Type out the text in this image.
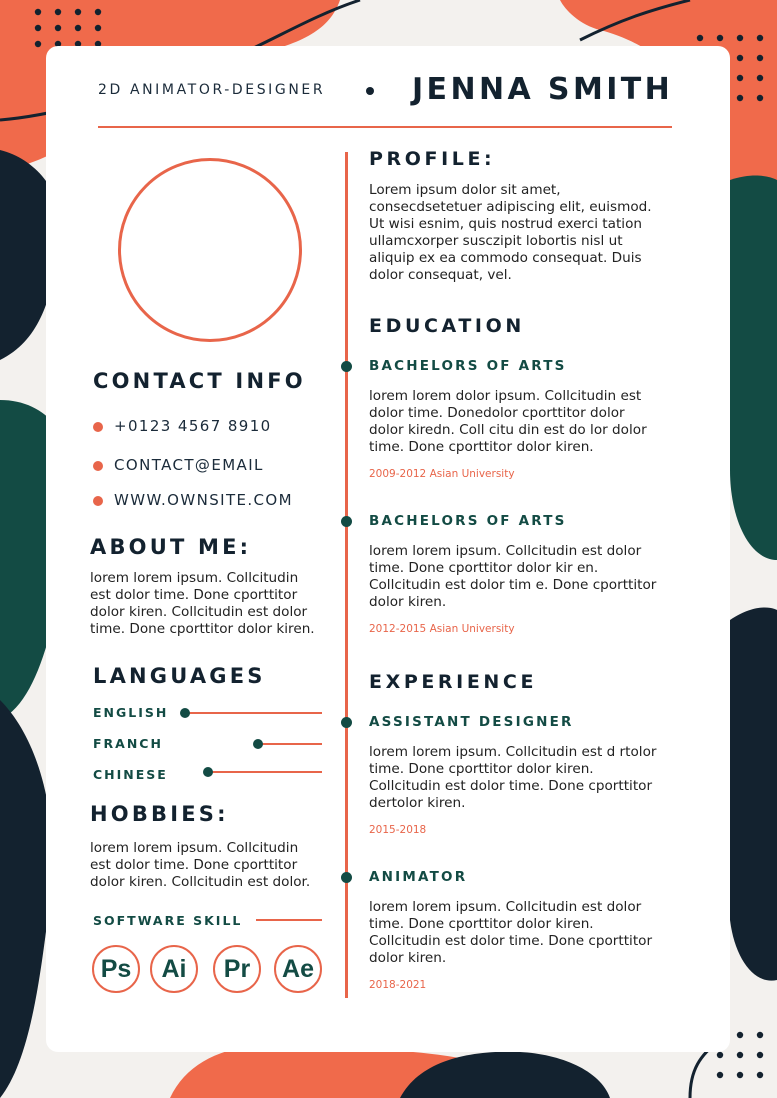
2D ANIMATOR-DESIGNER	JENNA SMITH
CONTACT INFO
+0123 4567 8910
CONTACT@EMAIL
WWW.OWNSITE.COM
ABOUT ME:
lorem lorem ipsum. Collcitudin
est dolor time. Done cporttitor
dolor kiren. Collcitudin est dolor
time. Done cporttitor dolor kiren.
LANGUAGES
ENGLISH
FRANCH
CHINESE
HOBBIES:
lorem lorem ipsum. Collcitudin
est dolor time. Done cporttitor
dolor kiren. Collcitudin est dolor.
SOFTWARE SKILL
Ps	Ai	Pr	Ae
PROFILE:
Lorem ipsum dolor sit amet,
consecdsetetuer adipiscing elit, euismod.
Ut wisi esnim, quis nostrud exerci tation
ullamcxorper susczipit lobortis nisl ut
aliquip ex ea commodo consequat. Duis
dolor consequat, vel.
EDUCATION
BACHELORS OF ARTS
lorem lorem dolor ipsum. Collcitudin est
dolor time. Donedolor cporttitor dolor
dolor kiredn. Coll citu din est do lor dolor
time. Done cporttitor dolor kiren.
2009-2012 Asian University
BACHELORS OF ARTS
lorem lorem ipsum. Collcitudin est dolor
time. Done cporttitor dolor kir en.
Collcitudin est dolor tim e. Done cporttitor
dolor kiren.
2012-2015 Asian University
EXPERIENCE
ASSISTANT DESIGNER
lorem lorem ipsum. Collcitudin est d rtolor
time. Done cporttitor dolor kiren.
Collcitudin est dolor time. Done cporttitor
dertolor kiren.
2015-2018
ANIMATOR
lorem lorem ipsum. Collcitudin est dolor
time. Done cporttitor dolor kiren.
Collcitudin est dolor time. Done cporttitor
dolor kiren.
2018-2021
